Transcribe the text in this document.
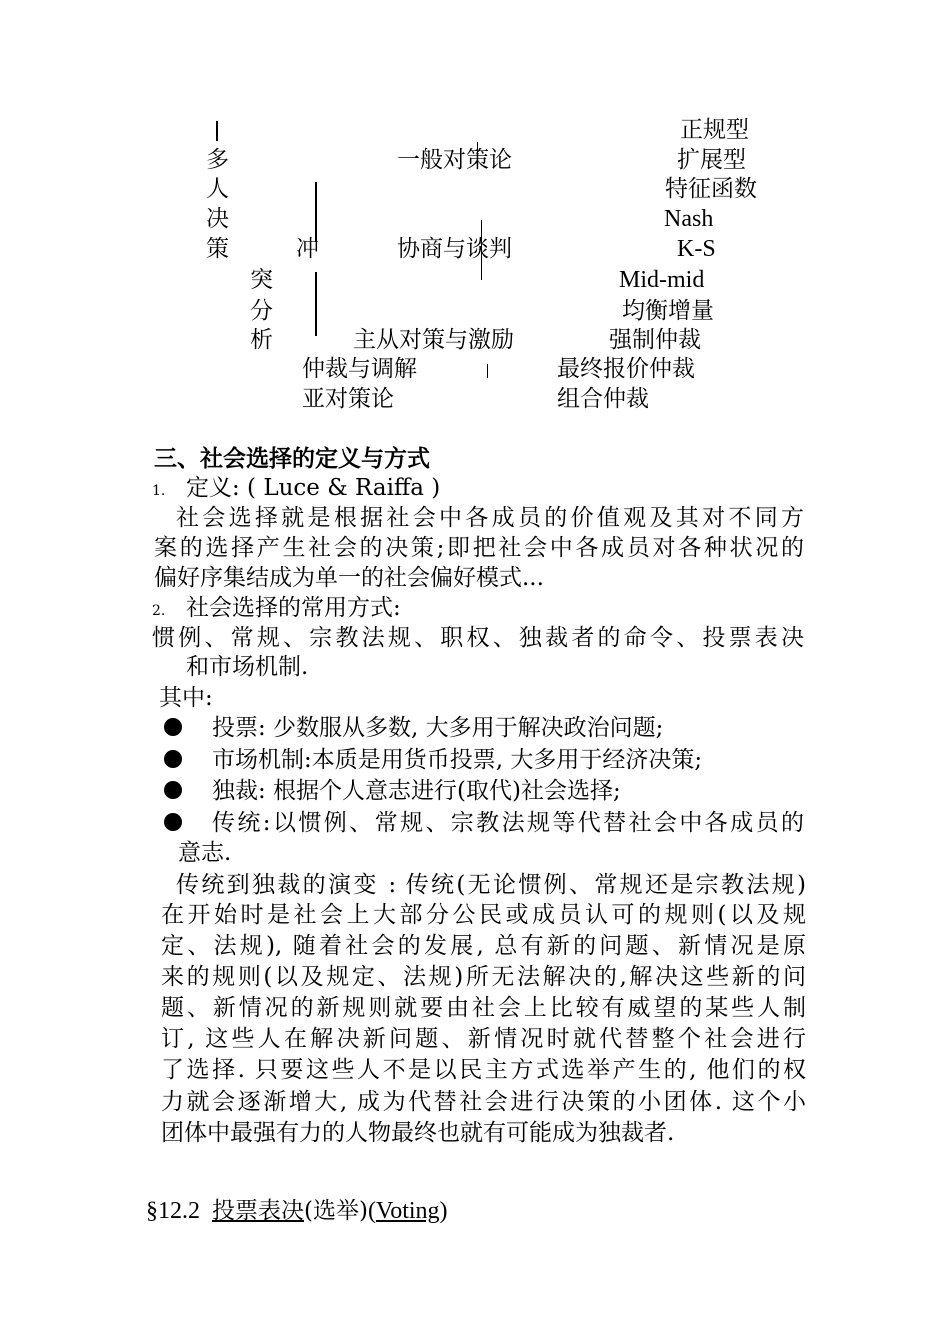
多
人
决
策	冲
突
分
析
一般对策论
协商与谈判
主从对策与激励
仲裁与调解
亚对策论
正规型
扩展型
特征函数
Nash
K-S
Mid-mid
均衡增量
强制仲裁
最终报价仲裁
组合仲裁
三、社会选择的定义与方式
1. 定义: ( Luce & Raiffa )
社会选择就是根据社会中各成员的价值观及其对不同方
案的选择产生社会的决策;即把社会中各成员对各种状况的
偏好序集结成为单一的社会偏好模式...
2. 社会选择的常用方式:
惯例、常规、宗教法规、职权、独裁者的命令、投票表决
和市场机制.
其中:
投票: 少数服从多数, 大多用于解决政治问题;
市场机制:本质是用货币投票, 大多用于经济决策;
独裁: 根据个人意志进行(取代)社会选择;
传统:以惯例、常规、宗教法规等代替社会中各成员的
意志.
传统到独裁的演变 : 传统(无论惯例、常规还是宗教法规)
在开始时是社会上大部分公民或成员认可的规则(以及规
定、法规), 随着社会的发展, 总有新的问题、新情况是原
来的规则(以及规定、法规)所无法解决的,解决这些新的问
题、新情况的新规则就要由社会上比较有威望的某些人制
订, 这些人在解决新问题、新情况时就代替整个社会进行
了选择. 只要这些人不是以民主方式选举产生的, 他们的权
力就会逐渐增大, 成为代替社会进行决策的小团体. 这个小
团体中最强有力的人物最终也就有可能成为独裁者.
§12.2 投票表决(选举)(Voting)
